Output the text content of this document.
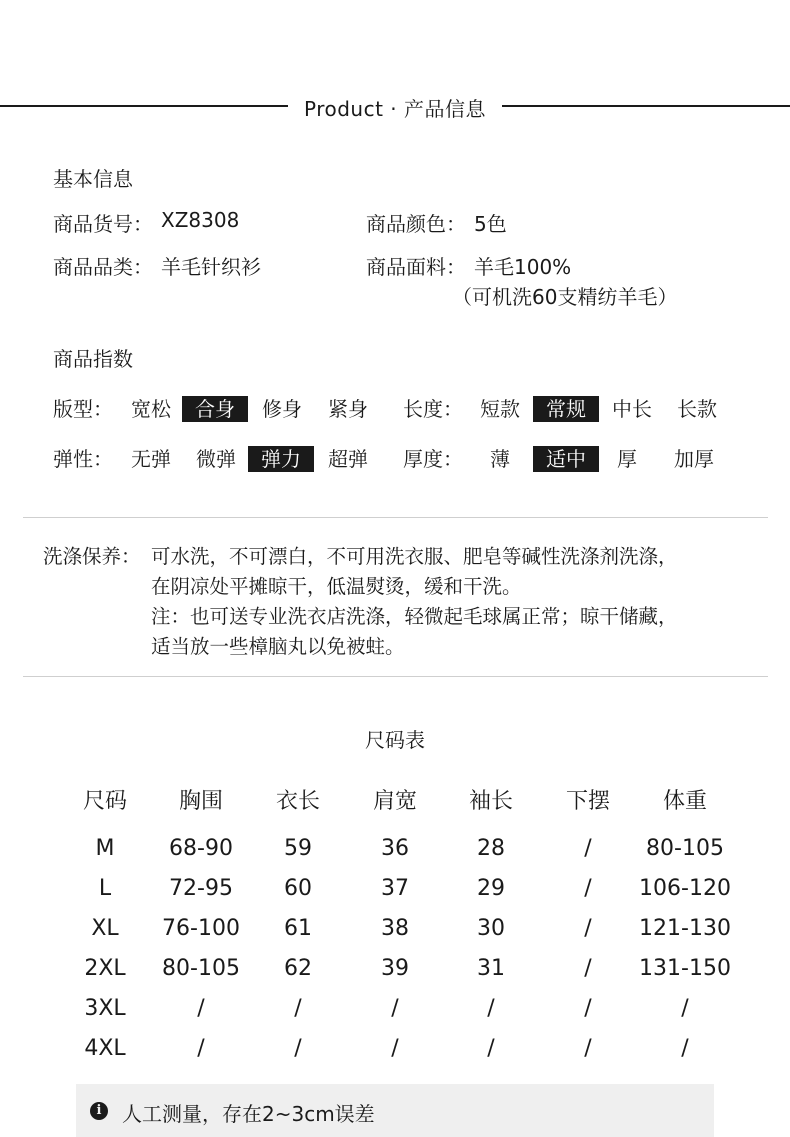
Product · 产品信息
基本信息
商品货号： XZ8308	商品颜色： 5色
商品品类： 羊毛针织衫	商品面料： 羊毛100%
（可机洗60支精纺羊毛）
商品指数
版型： 宽松	合身	修身 紧身 长度： 短款	常规	中长 长款
弹性： 无弹 微弹	弹力	超弹 厚度： 薄	适中	厚 加厚
洗涤保养： 可水洗，不可漂白，不可用洗衣服、肥皂等碱性洗涤剂洗涤，
在阴凉处平摊晾干，低温熨烫，缓和干洗。
注：也可送专业洗衣店洗涤，轻微起毛球属正常；晾干储藏，
适当放一些樟脑丸以免被蛀。
尺码表
尺码	胸围	衣长	肩宽	袖长	下摆	体重
M	68-90	59	36	28	/	80-105
L	72-95	60	37	29	/	106-120
XL	76-100	61	38	30	/	121-130
2XL	80-105	62	39	31	/	131-150
3XL	/	/	/	/	/	/
4XL	/	/	/	/	/	/
i	人工测量，存在2~3cm误差
